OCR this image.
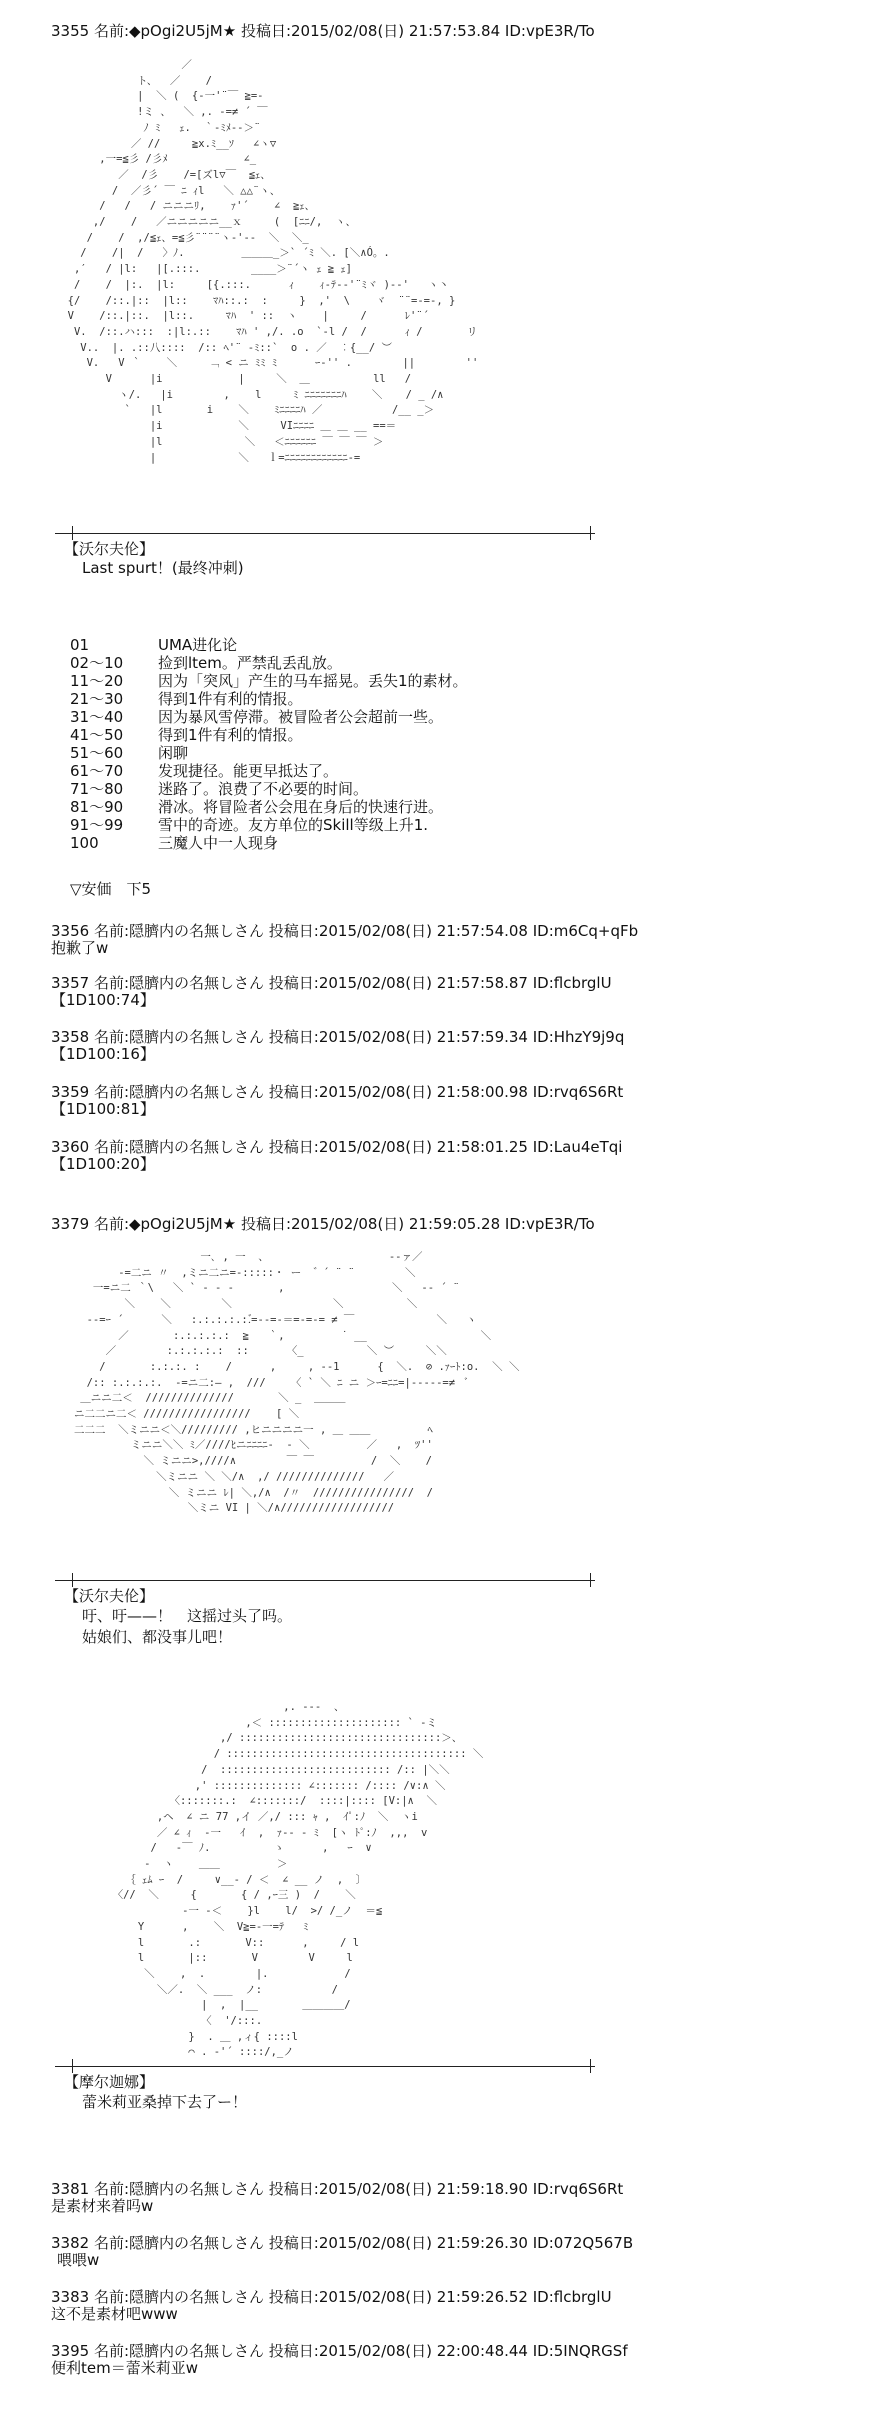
3355 名前:◆pOgi2U5jM★ 投稿日:2015/02/08(日) 21:57:53.84 ID:vpE3R/To
／
ト、  ／    /
|  ＼ (  {-一'¨￣ ≧=-
!ミ 、  ＼ ,. -=≠ ´ ￣
ﾉ ﾐ   ｪ.  ｀-ﾐﾒ--＞¨
／ //     ≧x.ﾐ__ｿ   ∠ヽ▽
,一=≦彡 /彡ﾒ            ∠_
／  /彡    /=[ズl▽￣  ≦ｪ、
/  ／彡´ ￣ ﾆ ｨl   ＼ △△¨ヽ、
/   /   / ニニニﾘ,    ｧ'´    ∠  ≧ｪ、
,/    /   ／ニニニニニ__ｘ     (  [ﾆﾆ/,  ヽ、
/    /  ,/≦ｪ、=≦彡¨¨¨¨ヽ-'--  ＼  ＼_
/    /|  /   〉ﾉ.         ＿＿＿_＞` ´ﾐ ＼. [＼∧Ó。.
,′   / |l:   |[.:::.        ____＞¨´ヽ ｪ ≧ ｪ]
/    /  |:.  |l:     [{.:::.      ｨ    ｨ-ﾃ‐-'¨ﾐヾ )-‐'   ヽ丶
{/    /::.|::  |l::    ﾏﾊ::.:  :     }  ,'  \    ヾ  ¨¨=-=-, }
V    /::.|::.  |l::.     ﾏﾊ  ' ::  ヽ    |     /      ﾚ'¨´
V.  /::.ハ:::  :|l:.::    ﾏﾊ ' ,/. .o  `-l /  /      ｨ /       リ
V..  |. .::八::::  /:: ﾍ'¨ -ﾐ::`  o . ／  ︰{__/ ︶
V.   V ｀    ＼     ﹁ < ニ ﾐﾐ ﾐ      ｰ-'' .        ||        ''
V      |i            |     ＼  ＿          ll   /
ヽ/.   |i        ,    l     ﾐ ﾆﾆﾆﾆﾆﾆﾆﾊ    ＼ 　 / _ /∧
`   |l       i    ＼    ﾐﾆﾆﾆﾆﾊ ／           /__ _＞
|i            ＼     VIﾆﾆﾆﾆ ＿ ＿ __ ==＝
|l             ＼   ＜ﾆﾆﾆﾆﾆﾆ ￣ ￣ ￣ ＞
|             ＼   ｌ=ﾆﾆﾆﾆﾆﾆﾆﾆﾆﾆﾆﾆ-=
【沃尔夫伦】
Last spurt！(最终冲刺)
01	UMA进化论
02～10 捡到ltem。严禁乱丢乱放。
11～20 因为「突风」产生的马车摇晃。丢失1的素材。
21～30 得到1件有利的情报。
31～40 因为暴风雪停滞。被冒险者公会超前一些。
41～50 得到1件有利的情报。
51～60 闲聊
61～70 发现捷径。能更早抵达了。
71～80 迷路了。浪费了不必要的时间。
81～90 滑冰。将冒险者公会甩在身后的快速行进。
91～99 雪中的奇迹。友方单位的Skill等级上升1.
100	三魔人中一人现身
▽安価　下5
3356 名前:隠臍内の名無しさん 投稿日:2015/02/08(日) 21:57:54.08 ID:m6Cq+qFb
抱歉了w
3357 名前:隠臍内の名無しさん 投稿日:2015/02/08(日) 21:57:58.87 ID:flcbrglU
【1D100:74】
3358 名前:隠臍内の名無しさん 投稿日:2015/02/08(日) 21:57:59.34 ID:HhzY9j9q
【1D100:16】
3359 名前:隠臍内の名無しさん 投稿日:2015/02/08(日) 21:58:00.98 ID:rvq6S6Rt
【1D100:81】
3360 名前:隠臍内の名無しさん 投稿日:2015/02/08(日) 21:58:01.25 ID:Lau4eTqi
【1D100:20】
3379 名前:◆pOgi2U5jM★ 投稿日:2015/02/08(日) 21:59:05.28 ID:vpE3R/To
一､ , 一  、                   ‐-ァ／
‐=二ニ 〃  ,ミニ二ニ=-:::::・ ー   ゙ ´ ¨ ¨        ＼
一=ニ二 ｀\   ＼ ` ‐ ‐ ‐       ,                 ＼   -‐ ´ ¨
＼    ＼        ＼                ＼          ＼
--=ｰ ´      ＼   :.:.:.:.:.゙=-‐=‐＝=‐=‐= ≠ ￣             ＼   ヽ
／       :.:.:.:.:  ≧   ｀,         ˙ __                  ＼
／        :.:.:.:.:  ::      〈_          ＼ ︶     ＼＼
/       :.:.:. :    /      ,     , ‐‐1      {  ＼.  ⊘ .ｧｰﾄ:o.  ＼ ＼
/:: :.:.:.:.  ‐=ニ二:― ,  ///    〈 ` ＼ ﾆ ニ ＞ｰ=ﾆﾆ=|‐‐‐‐‐=≠  ﾞ
＿ニニ二＜  //////////////       ＼ _  ＿＿＿
ニ二二ニ二＜ /////////////////    [ ＼
二二二  ＼ミニニ＜＼///////// ,ヒニニニニ一 , ＿ ＿＿         ﾍ
ミニニ＼＼ ﾐ／////ﾋニﾆﾆﾆﾆ-  ‐ ＼         ／   ,  ﾂ''
＼ ミニニ>,////∧        ￣ ￣         /  ＼    /
＼ミニニ ＼ ＼/∧  ,/ //////////////   ／
＼ ミニニ ﾚ| ＼,/∧  /〃  ////////////////  /
＼ミニ VI | ＼/∧//////////////////
【沃尔夫伦】
吁、吁——！　这摇过头了吗。
姑娘们、都没事儿吧！
,. ‐‐‐  、
,＜ ::::::::::::::::::::: ` ‐ミ
,/ ::::::::::::::::::::::::::::::::＞、
/ :::::::::::::::::::::::::::::::::::::: ＼
/  ::::::::::::::::::::::::::: /:: |＼＼
,' :::::::::::::: ∠::::::: /:::: /∨:∧ ＼
〈:::::::.:  ∠:::::::/  ::::|:::: [V:|∧  ＼
,ヘ  ∠ ニ 77 ,イ ／,/ ::: ｬ ,  ｲﾟ:ﾉ  ＼  ヽi
／ ∠ ｨ  ‐一   ｲ  ,  ｧ-‐ ‐ ﾐ  [ヽ ﾄﾟ:ﾉ  ,,,  v
/   ‐￣ ﾉ.          ゝ      ,   ｰ  ∨
‐  ヽ    ＿＿         ＞
｛ ｪﾑ ｰ  /     ∨__‐ / ＜  ∠ __ ノ  ,  〕
〈//  ＼     {       { / ,ｰ三 )  /    ＼
‐一 ‐＜    }l    l/  >/ /_ノ  ＝≦
Y      ,    ＼  V≧=‐一=ﾃ   ﾐ
l       .:       V::      ,     / l
l       |::       V        V     l
＼    ,  .        |.            /
＼／.  ＼ ___  ノ:           /
|  ,  |__       ＿＿＿＿/
〈  '/:::.
}  . ＿ ,ィ{ ::::l
⌒ . -'´ ::::/,_ノ
【摩尔迦娜】
蕾米莉亚桑掉下去了ー！
3381 名前:隠臍内の名無しさん 投稿日:2015/02/08(日) 21:59:18.90 ID:rvq6S6Rt
是素材来着吗w
3382 名前:隠臍内の名無しさん 投稿日:2015/02/08(日) 21:59:26.30 ID:072Q567B
喂喂w
3383 名前:隠臍内の名無しさん 投稿日:2015/02/08(日) 21:59:26.52 ID:flcbrglU
这不是素材吧www
3395 名前:隠臍内の名無しさん 投稿日:2015/02/08(日) 22:00:48.44 ID:5INQRGSf
便利tem＝蕾米莉亚w
